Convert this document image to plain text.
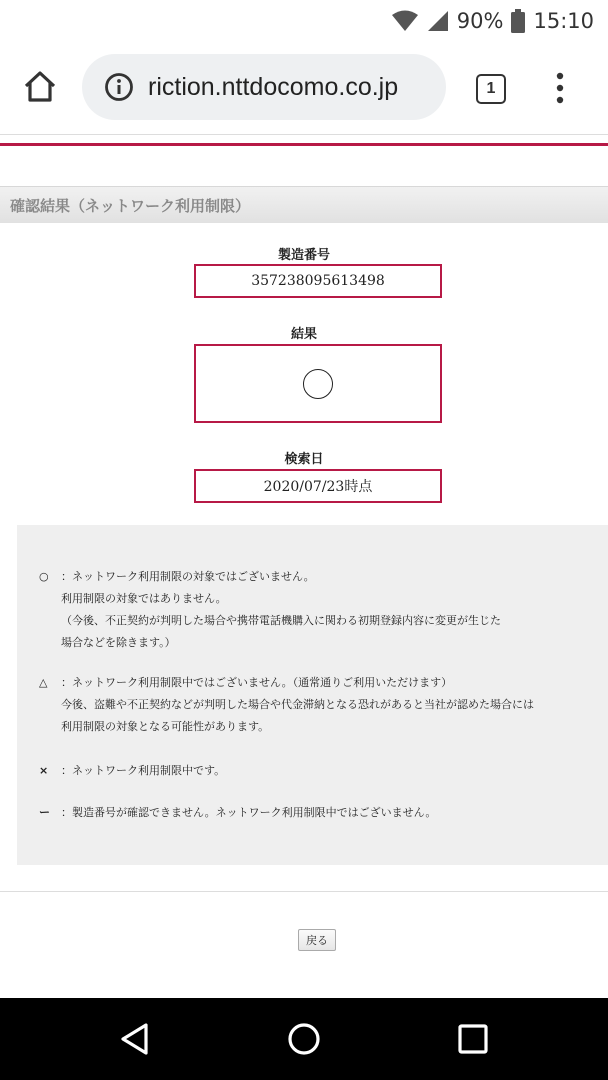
90% 15:10
riction.nttdocomo.co.jp	1
確認結果（ネットワーク利用制限）
製造番号
357238095613498
結果
検索日
2020/07/23時点
○ ：ネットワーク利用制限の対象ではございません。
利用制限の対象ではありません。
（今後、不正契約が判明した場合や携帯電話機購入に関わる初期登録内容に変更が生じた
場合などを除きます。）
△ ：ネットワーク利用制限中ではございません。（通常通りご利用いただけます）
今後、盗難や不正契約などが判明した場合や代金滞納となる恐れがあると当社が認めた場合には
利用制限の対象となる可能性があります。
× ：ネットワーク利用制限中です。
ー ：製造番号が確認できません。ネットワーク利用制限中ではございません。
戻る
